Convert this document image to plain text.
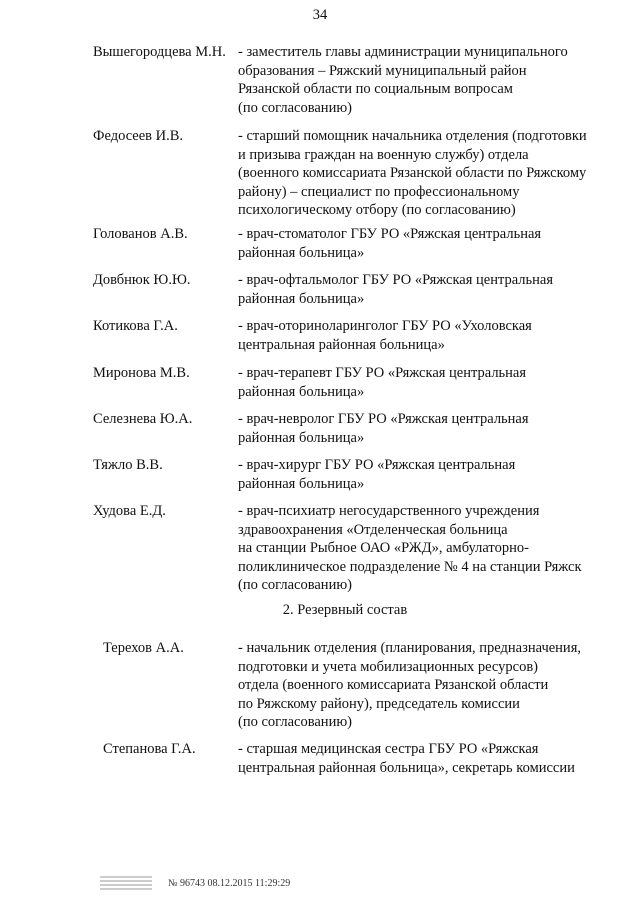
34
Вышегородцева М.Н. - заместитель главы администрации муниципального
образования – Ряжский муниципальный район
Рязанской области по социальным вопросам
(по согласованию)
Федосеев И.В.	- старший помощник начальника отделения (подготовки
и призыва граждан на военную службу) отдела
(военного комиссариата Рязанской области по Ряжскому
району) – специалист по профессиональному
психологическому отбору (по согласованию)
Голованов А.В.	- врач-стоматолог ГБУ РО «Ряжская центральная
районная больница»
Довбнюк Ю.Ю.	- врач-офтальмолог ГБУ РО «Ряжская центральная
районная больница»
Котикова Г.А.	- врач-оториноларинголог ГБУ РО «Ухоловская
центральная районная больница»
Миронова М.В.	- врач-терапевт ГБУ РО «Ряжская центральная
районная больница»
Селезнева Ю.А.	- врач-невролог ГБУ РО «Ряжская центральная
районная больница»
Тяжло В.В.	- врач-хирург ГБУ РО «Ряжская центральная
районная больница»
Худова Е.Д.	- врач-психиатр негосударственного учреждения
здравоохранения «Отделенческая больница
на станции Рыбное ОАО «РЖД», амбулаторно-
поликлиническое подразделение № 4 на станции Ряжск
(по согласованию)
2. Резервный состав
Терехов А.А.	- начальник отделения (планирования, предназначения,
подготовки и учета мобилизационных ресурсов)
отдела (военного комиссариата Рязанской области
по Ряжскому району), председатель комиссии
(по согласованию)
Степанова Г.А.	- старшая медицинская сестра ГБУ РО «Ряжская
центральная районная больница», секретарь комиссии
№ 96743 08.12.2015 11:29:29
